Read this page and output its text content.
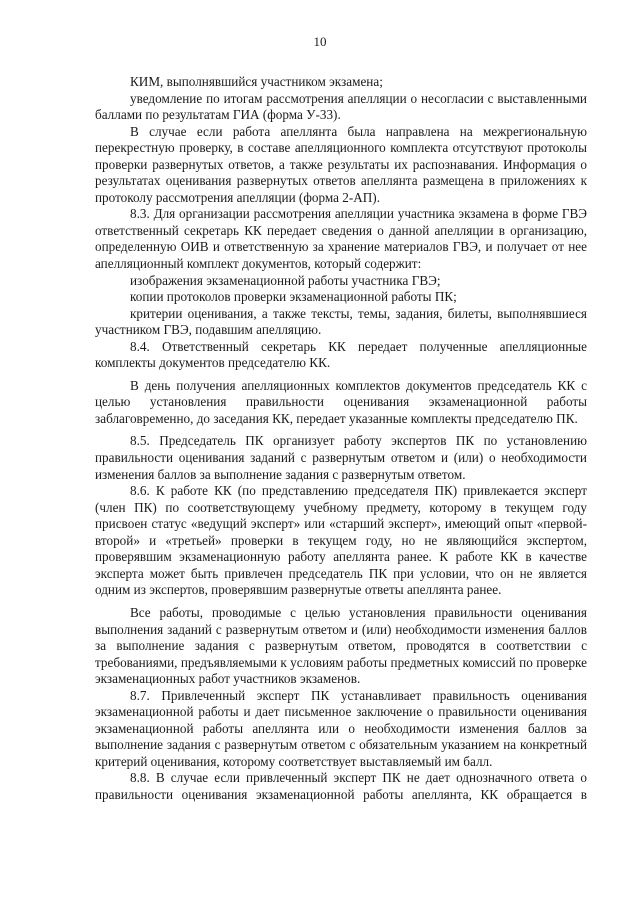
10

КИМ, выполнявшийся участником экзамена;

уведомление по итогам рассмотрения апелляции о несогласии с выставленными баллами по результатам ГИА (форма У-33).

В случае если работа апеллянта была направлена на межрегиональную перекрестную проверку, в составе апелляционного комплекта отсутствуют протоколы проверки развернутых ответов, а также результаты их распознавания. Информация о результатах оценивания развернутых ответов апеллянта размещена в приложениях к протоколу рассмотрения апелляции (форма 2-АП).

8.3. Для организации рассмотрения апелляции участника экзамена в форме ГВЭ ответственный секретарь КК передает сведения о данной апелляции в организацию, определенную ОИВ и ответственную за хранение материалов ГВЭ, и получает от нее апелляционный комплект документов, который содержит:

изображения экзаменационной работы участника ГВЭ;

копии протоколов проверки экзаменационной работы ПК;

критерии оценивания, а также тексты, темы, задания, билеты, выполнявшиеся участником ГВЭ, подавшим апелляцию.

8.4. Ответственный секретарь КК передает полученные апелляционные комплекты документов председателю КК.

В день получения апелляционных комплектов документов председатель КК с целью установления правильности оценивания экзаменационной работы заблаговременно, до заседания КК, передает указанные комплекты председателю ПК.

8.5. Председатель ПК организует работу экспертов ПК по установлению правильности оценивания заданий с развернутым ответом и (или) о необходимости изменения баллов за выполнение задания с развернутым ответом.

8.6. К работе КК (по представлению председателя ПК) привлекается эксперт (член ПК) по соответствующему учебному предмету, которому в текущем году присвоен статус «ведущий эксперт» или «старший эксперт», имеющий опыт «первой-второй» и «третьей» проверки в текущем году, но не являющийся экспертом, проверявшим экзаменационную работу апеллянта ранее. К работе КК в качестве эксперта может быть привлечен председатель ПК при условии, что он не является одним из экспертов, проверявшим развернутые ответы апеллянта ранее.

Все работы, проводимые с целью установления правильности оценивания выполнения заданий с развернутым ответом и (или) необходимости изменения баллов за выполнение задания с развернутым ответом, проводятся в соответствии с требованиями, предъявляемыми к условиям работы предметных комиссий по проверке экзаменационных работ участников экзаменов.

8.7. Привлеченный эксперт ПК устанавливает правильность оценивания экзаменационной работы и дает письменное заключение о правильности оценивания экзаменационной работы апеллянта или о необходимости изменения баллов за выполнение задания с развернутым ответом с обязательным указанием на конкретный критерий оценивания, которому соответствует выставляемый им балл.

8.8. В случае если привлеченный эксперт ПК не дает однозначного ответа о правильности оценивания экзаменационной работы апеллянта, КК обращается в
